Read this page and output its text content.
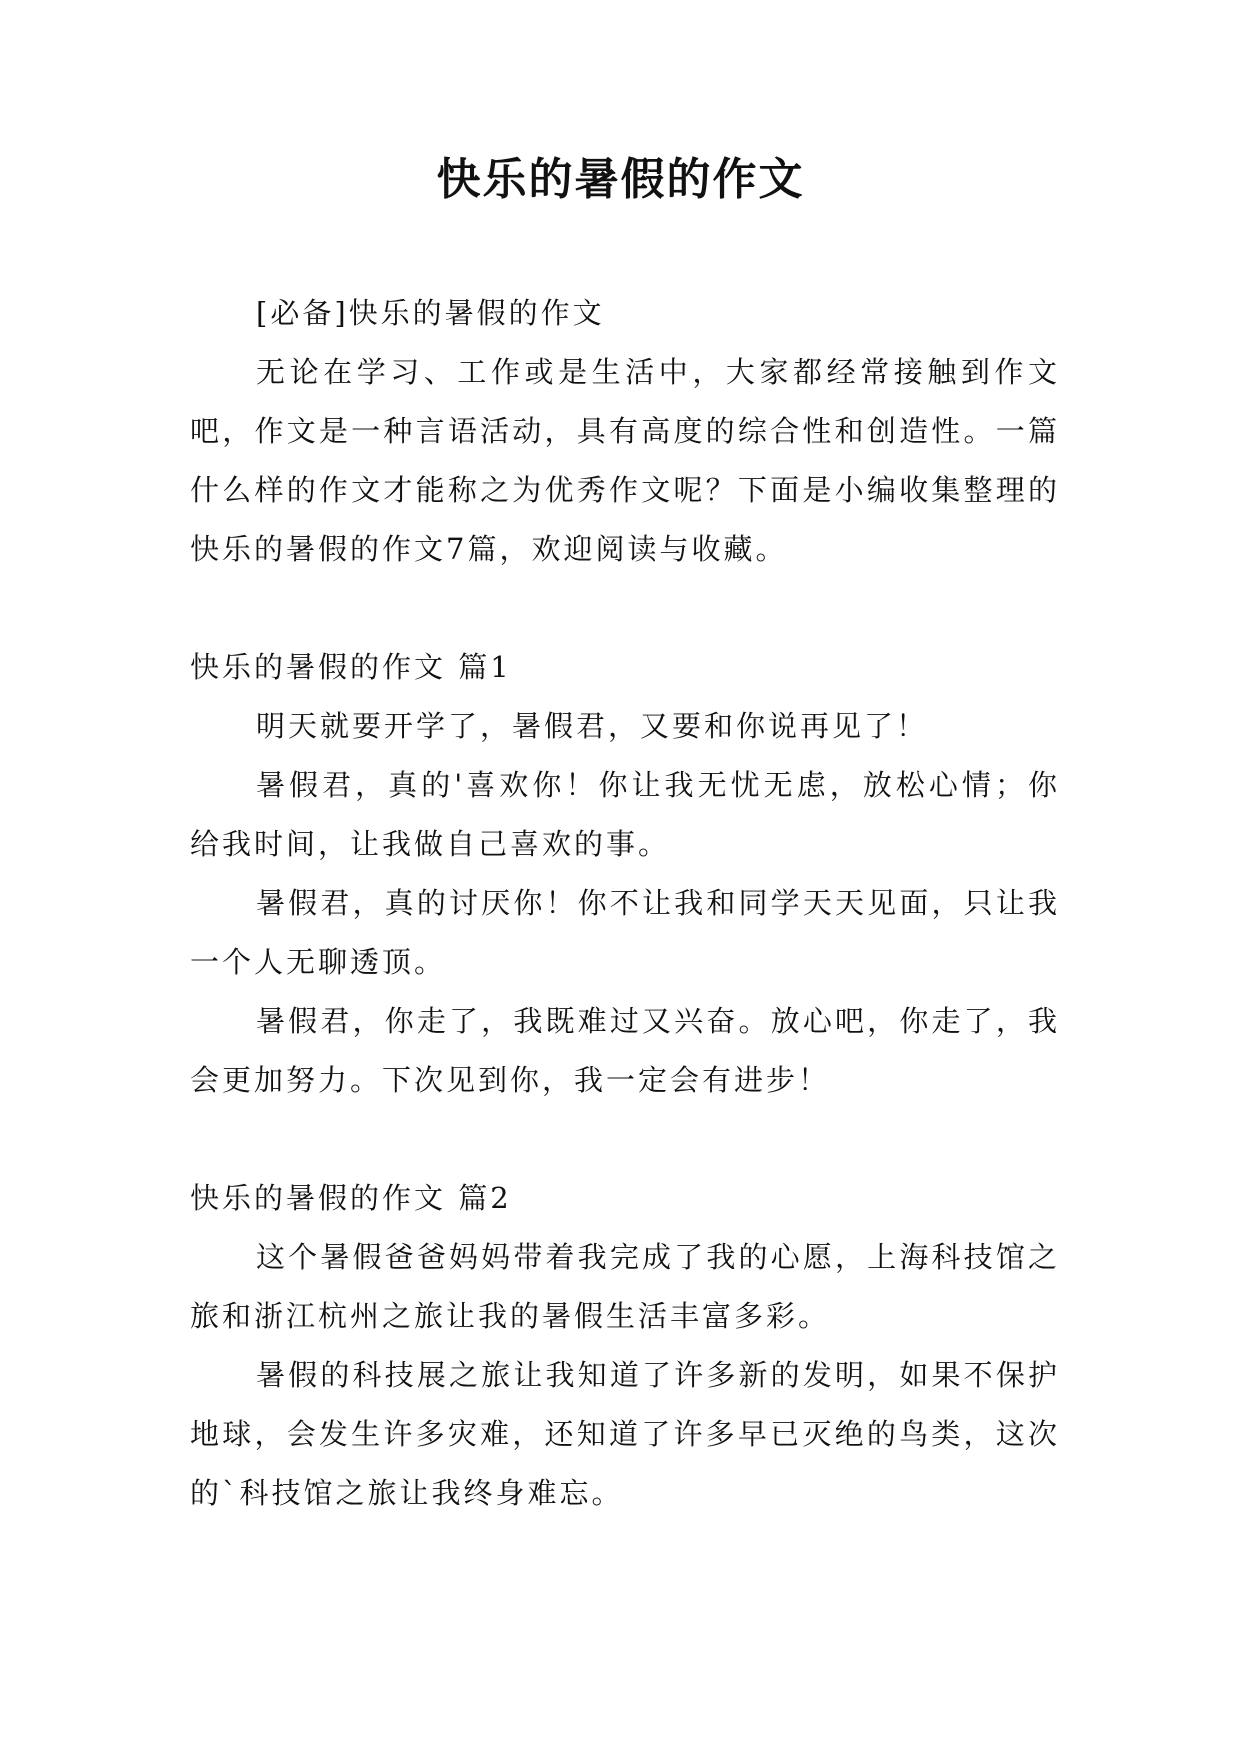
快乐的暑假的作文

[必备]快乐的暑假的作文

无论在学习、工作或是生活中，大家都经常接触到作文吧，作文是一种言语活动，具有高度的综合性和创造性。一篇什么样的作文才能称之为优秀作文呢？下面是小编收集整理的快乐的暑假的作文7篇，欢迎阅读与收藏。

快乐的暑假的作文 篇1

明天就要开学了，暑假君，又要和你说再见了！

暑假君，真的'喜欢你！你让我无忧无虑，放松心情；你给我时间，让我做自己喜欢的事。

暑假君，真的讨厌你！你不让我和同学天天见面，只让我一个人无聊透顶。

暑假君，你走了，我既难过又兴奋。放心吧，你走了，我会更加努力。下次见到你，我一定会有进步！

快乐的暑假的作文 篇2

这个暑假爸爸妈妈带着我完成了我的心愿，上海科技馆之旅和浙江杭州之旅让我的暑假生活丰富多彩。

暑假的科技展之旅让我知道了许多新的发明，如果不保护地球，会发生许多灾难，还知道了许多早已灭绝的鸟类，这次的`科技馆之旅让我终身难忘。
